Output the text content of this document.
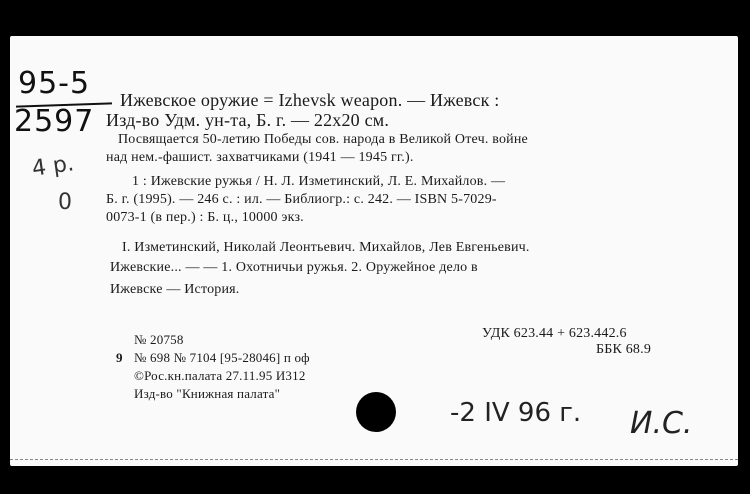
95-5
2597
4 р.
0
Ижевское оружие = Izhevsk weapon. — Ижевск :
Изд-во Удм. ун-та, Б. г. — 22x20 см.
Посвящается 50-летию Победы сов. народа в Великой Отеч. войне
над нем.-фашист. захватчиками (1941 — 1945 гг.).
1 : Ижевские ружья / Н. Л. Изметинский, Л. Е. Михайлов. —
Б. г. (1995). — 246 с. : ил. — Библиогр.: с. 242. — ISBN 5-7029-
0073-1 (в пер.) : Б. ц., 10000 экз.
I. Изметинский, Николай Леонтьевич. Михайлов, Лев Евгеньевич.
Ижевские... — — 1. Охотничьи ружья. 2. Оружейное дело в
Ижевске — История.
№ 20758
9 № 698 № 7104 [95-28046] п оф
©Рос.кн.палата 27.11.95 И312
Изд-во "Книжная палата"
УДК 623.44 + 623.442.6
ББК 68.9
-2 IV 96 г. И.С.
